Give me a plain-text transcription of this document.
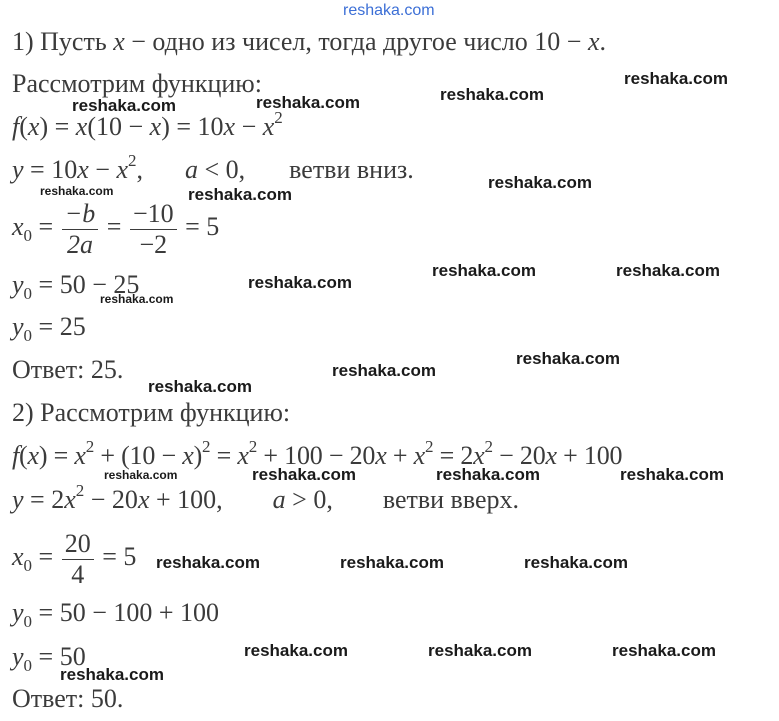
reshaka.com
1) Пусть x − одно из чисел, тогда другое число 10 − x.
Рассмотрим функцию:
$f(x) = x(10 - x) = 10x - x^2$
$y = 10x - x^2$, a < 0, ветви вниз.
$x_0 = \frac{-b}{2a} = \frac{-10}{-2} = 5$
$y_0 = 50 - 25$
$y_0 = 25$
Ответ: 25.
2) Рассмотрим функцию:
$f(x) = x^2 + (10 - x)^2 = x^2 + 100 - 20x + x^2 = 2x^2 - 20x + 100$
$y = 2x^2 - 20x + 100$, a > 0, ветви вверх.
$x_0 = \frac{20}{4} = 5$
$y_0 = 50 - 100 + 100$
$y_0 = 50$
Ответ: 50.
reshaka.com
reshaka.com	reshaka.com	reshaka.com
reshaka.com
reshaka.com	reshaka.com
reshaka.com	reshaka.com
reshaka.com
reshaka.com
reshaka.com
reshaka.com
reshaka.com
reshaka.com	reshaka.com	reshaka.com	reshaka.com
reshaka.com	reshaka.com	reshaka.com
reshaka.com	reshaka.com	reshaka.com
reshaka.com
